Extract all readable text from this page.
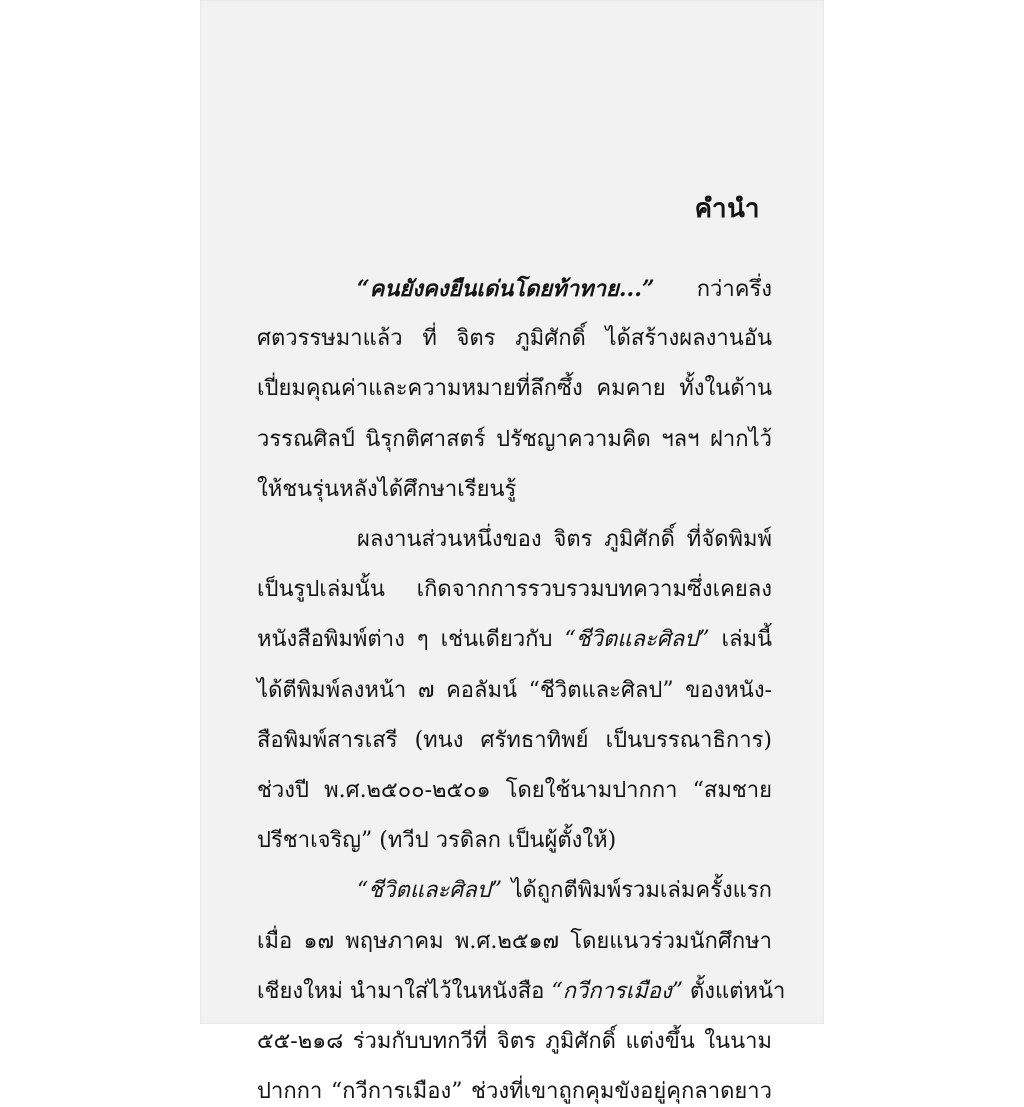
คำนำ
“คนยังคงยืนเด่นโดยท้าทาย...” กว่าครึ่ง
ศตวรรษมาแล้ว ที่ จิตร ภูมิศักดิ์ ได้สร้างผลงานอัน
เปี่ยมคุณค่าและความหมายที่ลึกซึ้ง คมคาย ทั้งในด้าน
วรรณศิลป์ นิรุกติศาสตร์ ปรัชญาความคิด ฯลฯ ฝากไว้
ให้ชนรุ่นหลังได้ศึกษาเรียนรู้
ผลงานส่วนหนึ่งของ จิตร ภูมิศักดิ์ ที่จัดพิมพ์
เป็นรูปเล่มนั้น เกิดจากการรวบรวมบทความซึ่งเคยลง
หนังสือพิมพ์ต่าง ๆ เช่นเดียวกับ “ชีวิตและศิลป” เล่มนี้
ได้ตีพิมพ์ลงหน้า ๗ คอลัมน์ “ชีวิตและศิลป” ของหนัง-
สือพิมพ์สารเสรี (ทนง ศรัทธาทิพย์ เป็นบรรณาธิการ)
ช่วงปี พ.ศ.๒๕๐๐-๒๕๐๑ โดยใช้นามปากกา “สมชาย
ปรีชาเจริญ” (ทวีป วรดิลก เป็นผู้ตั้งให้)
“ชีวิตและศิลป” ได้ถูกตีพิมพ์รวมเล่มครั้งแรก
เมื่อ ๑๗ พฤษภาคม พ.ศ.๒๕๑๗ โดยแนวร่วมนักศึกษา
เชียงใหม่ นำมาใส่ไว้ในหนังสือ “กวีการเมือง” ตั้งแต่หน้า
๕๕-๒๑๘ ร่วมกับบทกวีที่ จิตร ภูมิศักดิ์ แต่งขึ้น ในนาม
ปากกา “กวีการเมือง” ช่วงที่เขาถูกคุมขังอยู่คุกลาดยาว
